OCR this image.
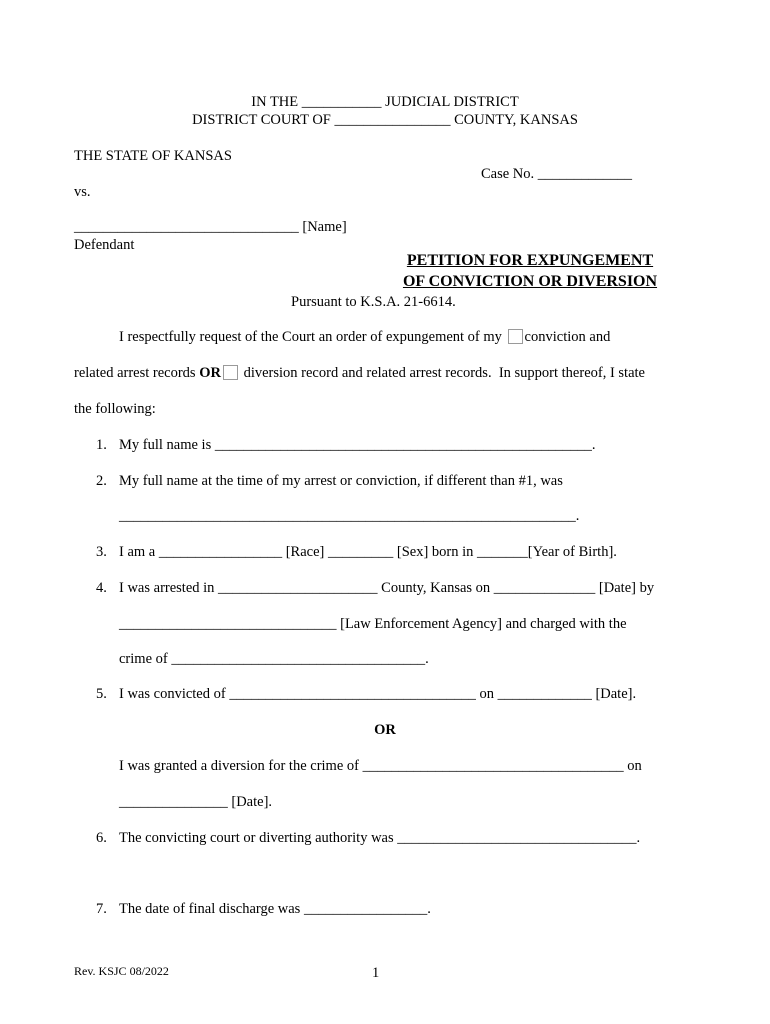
IN THE ___________ JUDICIAL DISTRICT
DISTRICT COURT OF ________________ COUNTY, KANSAS
THE STATE OF KANSAS
Case No. _____________
vs.
_______________________________ [Name]
Defendant
PETITION FOR EXPUNGEMENT
OF CONVICTION OR DIVERSION
Pursuant to K.S.A. 21-6614.
I respectfully request of the Court an order of expungement of my conviction and
related arrest records OR diversion record and related arrest records.  In support thereof, I state
the following:
1. My full name is ____________________________________________________.
2. My full name at the time of my arrest or conviction, if different than #1, was
_______________________________________________________________.
3. I am a _________________ [Race] _________ [Sex] born in _______[Year of Birth].
4. I was arrested in ______________________ County, Kansas on ______________ [Date] by
______________________________ [Law Enforcement Agency] and charged with the
crime of ___________________________________.
5. I was convicted of __________________________________ on _____________ [Date].
OR
I was granted a diversion for the crime of ____________________________________ on
_______________ [Date].
6. The convicting court or diverting authority was _________________________________.
7. The date of final discharge was _________________.
Rev. KSJC 08/2022	1
